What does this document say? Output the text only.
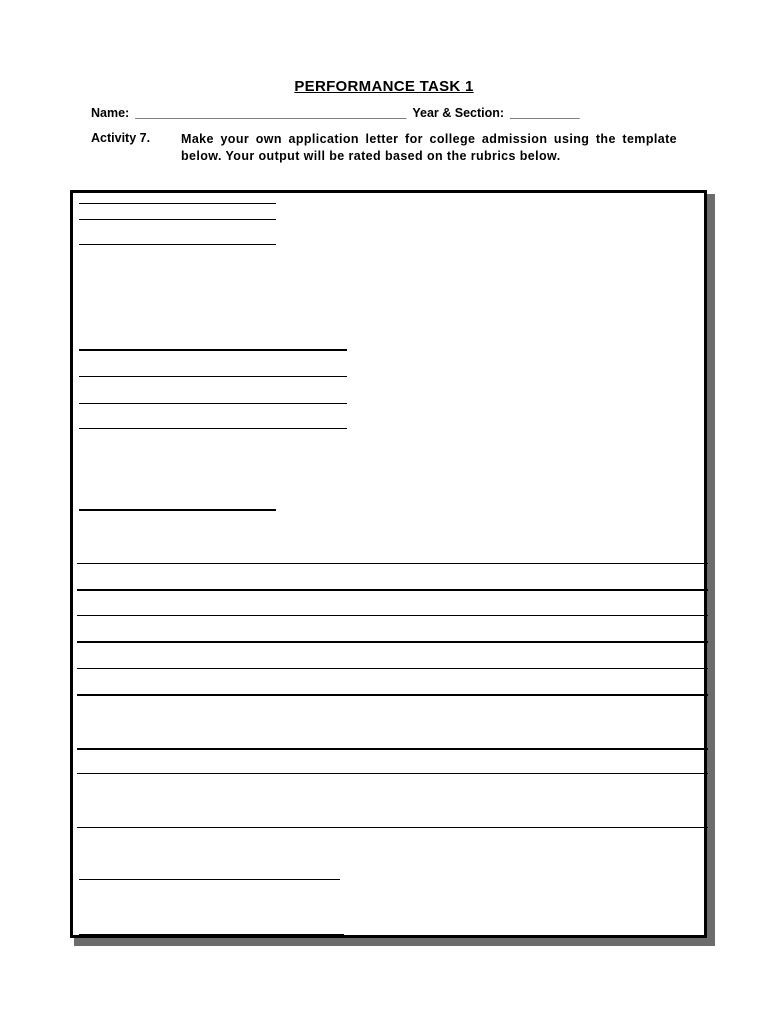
PERFORMANCE TASK 1
Name: _______________________________________ Year & Section: __________
Activity 7. Make your own application letter for college admission using the template below. Your output will be rated based on the rubrics below.
